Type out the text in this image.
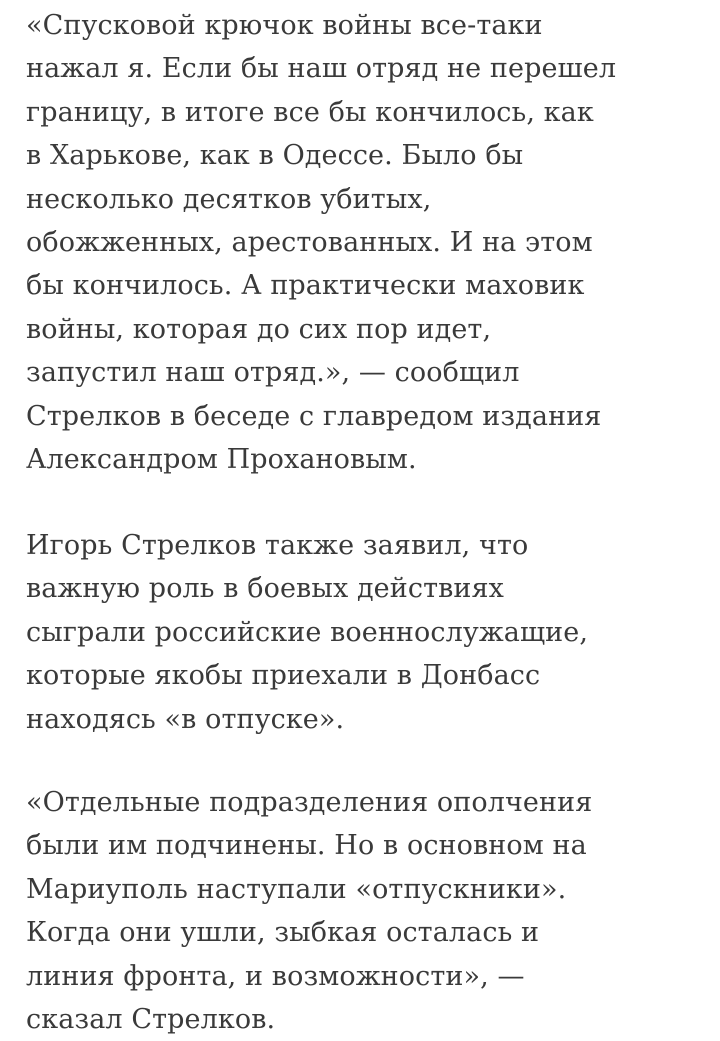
«Спусковой крючок войны все-таки
нажал я. Если бы наш отряд не перешел
границу, в итоге все бы кончилось, как
в Харькове, как в Одессе. Было бы
несколько десятков убитых,
обожженных, арестованных. И на этом
бы кончилось. А практически маховик
войны, которая до сих пор идет,
запустил наш отряд.», — сообщил
Стрелков в беседе с главредом издания
Александром Прохановым.
Игорь Стрелков также заявил, что
важную роль в боевых действиях
сыграли российские военнослужащие,
которые якобы приехали в Донбасс
находясь «в отпуске».
«Отдельные подразделения ополчения
были им подчинены. Но в основном на
Мариуполь наступали «отпускники».
Когда они ушли, зыбкая осталась и
линия фронта, и возможности», —
сказал Стрелков.
